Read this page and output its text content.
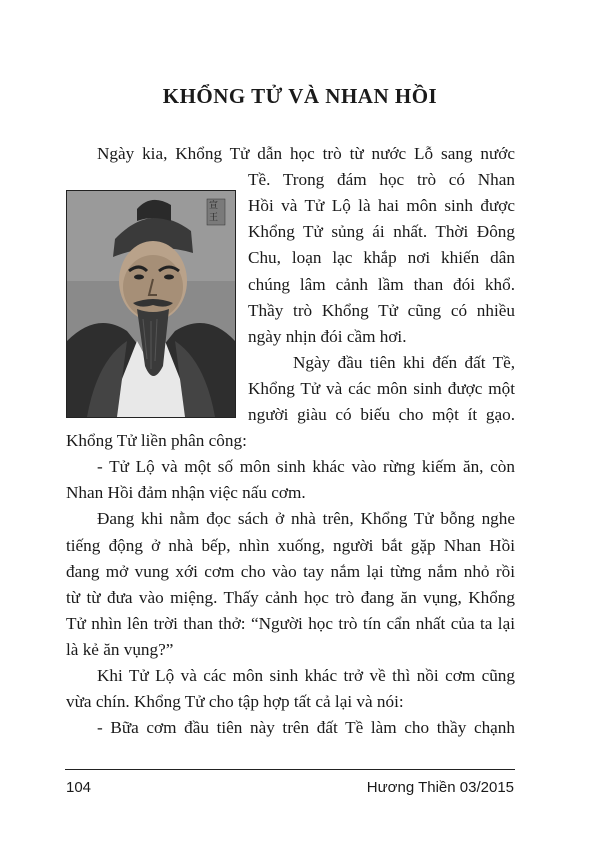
KHỔNG TỬ VÀ NHAN HỒI
宣王

Ngày kia, Khổng Tử dẫn học trò từ nước Lỗ sang nước

Tề. Trong đám học trò có Nhan

Hồi và Tử Lộ là hai môn sinh được

Khổng Tử sủng ái nhất. Thời Đông

Chu, loạn lạc khắp nơi khiến dân

chúng lâm cảnh lầm than đói khổ.

Thầy trò Khổng Tử cũng có nhiều

ngày nhịn đói cầm hơi.

Ngày đầu tiên khi đến đất Tề,

Khổng Tử và các môn sinh được một

người giàu có biếu cho một ít gạo.

Khổng Tử liền phân công:

- Tử Lộ và một số môn sinh khác vào rừng kiếm ăn, còn

Nhan Hồi đảm nhận việc nấu cơm.

Đang khi nằm đọc sách ở nhà trên, Khổng Tử bỗng nghe

tiếng động ở nhà bếp, nhìn xuống, người bắt gặp Nhan Hồi

đang mở vung xới cơm cho vào tay nắm lại từng nắm nhỏ rồi

từ từ đưa vào miệng. Thấy cảnh học trò đang ăn vụng, Khổng

Tử nhìn lên trời than thở: “Người học trò tín cẩn nhất của ta lại

là kẻ ăn vụng?”

Khi Tử Lộ và các môn sinh khác trở về thì nồi cơm cũng

vừa chín. Khổng Tử cho tập hợp tất cả lại và nói:

- Bữa cơm đầu tiên này trên đất Tề làm cho thầy chạnh

104	Hương Thiền 03/2015
